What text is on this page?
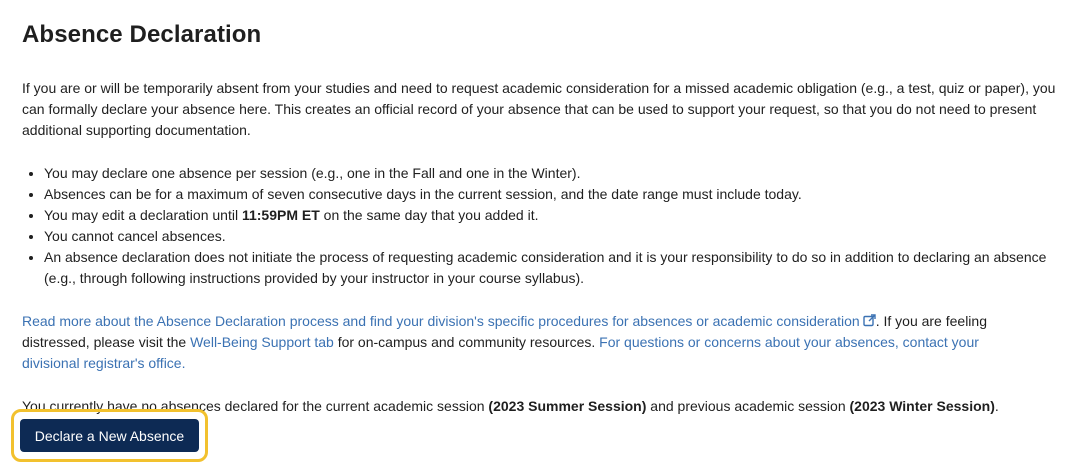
Absence Declaration

If you are or will be temporarily absent from your studies and need to request academic consideration for a missed academic obligation (e.g., a test, quiz or paper), you can formally declare your absence here. This creates an official record of your absence that can be used to support your request, so that you do not need to present additional supporting documentation.

• You may declare one absence per session (e.g., one in the Fall and one in the Winter).
• Absences can be for a maximum of seven consecutive days in the current session, and the date range must include today.
• You may edit a declaration until 11:59PM ET on the same day that you added it.
• You cannot cancel absences.
• An absence declaration does not initiate the process of requesting academic consideration and it is your responsibility to do so in addition to declaring an absence (e.g., through following instructions provided by your instructor in your course syllabus).

Read more about the Absence Declaration process and find your division's specific procedures for absences or academic consideration . If you are feeling distressed, please visit the Well-Being Support tab for on-campus and community resources. For questions or concerns about your absences, contact your divisional registrar's office.

You currently have no absences declared for the current academic session (2023 Summer Session) and previous academic session (2023 Winter Session).

Declare a New Absence
